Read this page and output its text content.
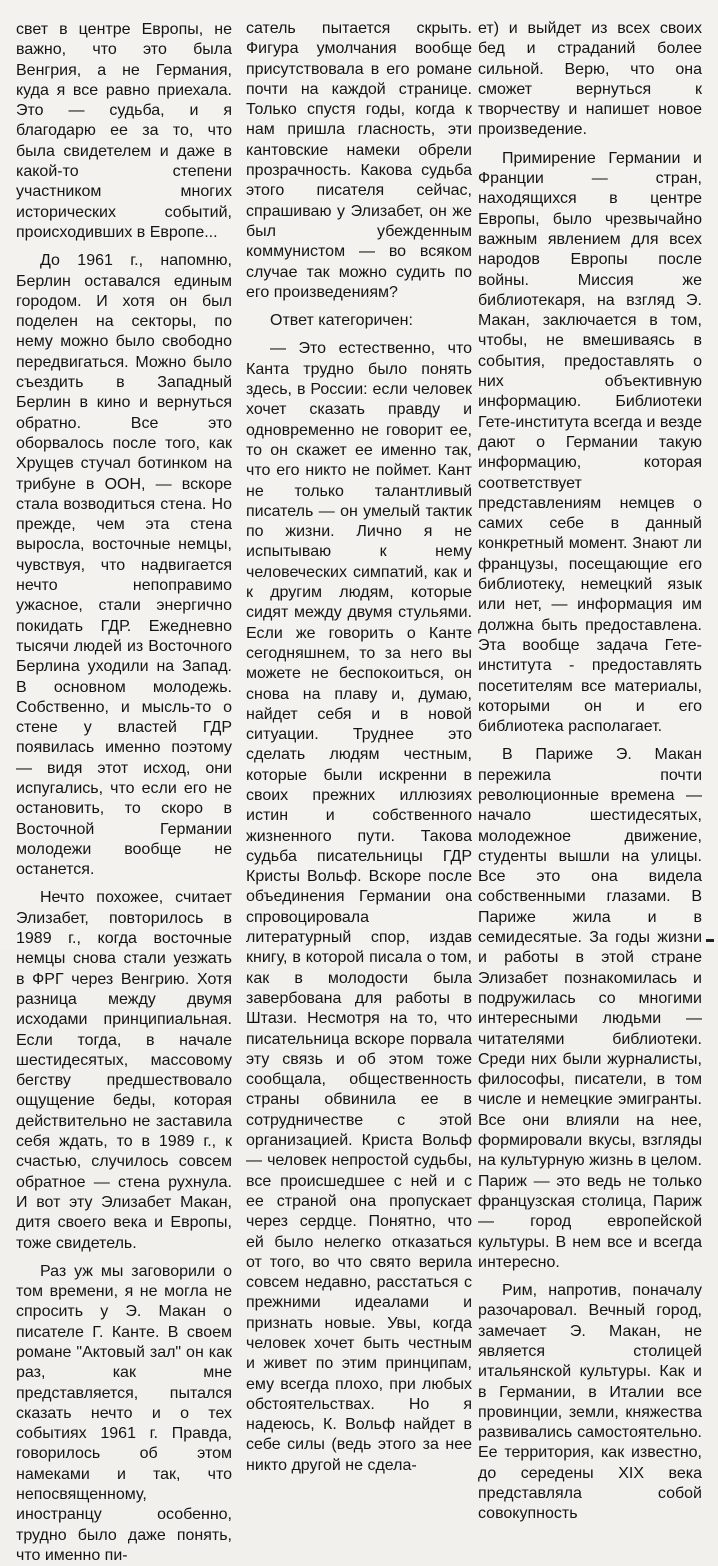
свет в центре Европы, не важно, что это была Венгрия, а не Германия, куда я все равно приехала. Это — судьба, и я благодарю ее за то, что была свидетелем и даже в какой-то степени участником многих исторических событий, происходивших в Европе...

До 1961 г., напомню, Берлин оставался единым городом. И хотя он был поделен на секторы, по нему можно было свободно передвигаться. Можно было съездить в Западный Берлин в кино и вернуться обратно. Все это оборвалось после того, как Хрущев стучал ботинком на трибуне в ООН, — вскоре стала возводиться стена. Но прежде, чем эта стена выросла, восточные немцы, чувствуя, что надвигается нечто непоправимо ужасное, стали энергично покидать ГДР. Ежедневно тысячи людей из Восточного Берлина уходили на Запад. В основном молодежь. Собственно, и мысль-то о стене у властей ГДР появилась именно поэтому — видя этот исход, они испугались, что если его не остановить, то скоро в Восточной Германии молодежи вообще не останется.

Нечто похожее, считает Элизабет, повторилось в 1989 г., когда восточные немцы снова стали уезжать в ФРГ через Венгрию. Хотя разница между двумя исходами принципиальная. Если тогда, в начале шестидесятых, массовому бегству предшествовало ощущение беды, которая действительно не заставила себя ждать, то в 1989 г., к счастью, случилось совсем обратное — стена рухнула. И вот эту Элизабет Макан, дитя своего века и Европы, тоже свидетель.

Раз уж мы заговорили о том времени, я не могла не спросить у Э. Макан о писателе Г. Канте. В своем романе "Актовый зал" он как раз, как мне представляется, пытался сказать нечто и о тех событиях 1961 г. Правда, говорилось об этом намеками и так, что непосвященному, иностранцу особенно, трудно было даже понять, что именно пи-

сатель пытается скрыть. Фигура умолчания вообще присутствовала в его романе почти на каждой странице. Только спустя годы, когда к нам пришла гласность, эти кантовские намеки обрели прозрачность. Какова судьба этого писателя сейчас, спрашиваю у Элизабет, он же был убежденным коммунистом — во всяком случае так можно судить по его произведениям?

Ответ категоричен:

— Это естественно, что Канта трудно было понять здесь, в России: если человек хочет сказать правду и одновременно не говорит ее, то он скажет ее именно так, что его никто не поймет. Кант не только талантливый писатель — он умелый тактик по жизни. Лично я не испытываю к нему человеческих симпатий, как и к другим людям, которые сидят между двумя стульями. Если же говорить о Канте сегодняшнем, то за него вы можете не беспокоиться, он снова на плаву и, думаю, найдет себя и в новой ситуации. Труднее это сделать людям честным, которые были искренни в своих прежних иллюзиях истин и собственного жизненного пути. Такова судьба писательницы ГДР Кристы Вольф. Вскоре после объединения Германии она спровоцировала литературный спор, издав книгу, в которой писала о том, как в молодости была завербована для работы в Штази. Несмотря на то, что писательница вскоре порвала эту связь и об этом тоже сообщала, общественность страны обвинила ее в сотрудничестве с этой организацией. Криста Вольф — человек непростой судьбы, все происшедшее с ней и с ее страной она пропускает через сердце. Понятно, что ей было нелегко отказаться от того, во что свято верила совсем недавно, расстаться с прежними идеалами и признать новые. Увы, когда человек хочет быть честным и живет по этим принципам, ему всегда плохо, при любых обстоятельствах. Но я надеюсь, К. Вольф найдет в себе силы (ведь этого за нее никто другой не сдела-

ет) и выйдет из всех своих бед и страданий более сильной. Верю, что она сможет вернуться к творчеству и напишет новое произведение.

Примирение Германии и Франции — стран, находящихся в центре Европы, было чрезвычайно важным явлением для всех народов Европы после войны. Миссия же библиотекаря, на взгляд Э. Макан, заключается в том, чтобы, не вмешиваясь в события, предоставлять о них объективную информацию. Библиотеки Гете-института всегда и везде дают о Германии такую информацию, которая соответствует представлениям немцев о самих себе в данный конкретный момент. Знают ли французы, посещающие его библиотеку, немецкий язык или нет, — информация им должна быть предоставлена. Эта вообще задача Гете-института - предоставлять посетителям все материалы, которыми он и его библиотека располагает.

В Париже Э. Макан пережила почти революционные времена — начало шестидесятых, молодежное движение, студенты вышли на улицы. Все это она видела собственными глазами. В Париже жила и в семидесятые. За годы жизни и работы в этой стране Элизабет познакомилась и подружилась со многими интересными людьми — читателями библиотеки. Среди них были журналисты, философы, писатели, в том числе и немецкие эмигранты. Все они влияли на нее, формировали вкусы, взгляды на культурную жизнь в целом. Париж — это ведь не только французская столица, Париж — город европейской культуры. В нем все и всегда интересно.

Рим, напротив, поначалу разочаровал. Вечный город, замечает Э. Макан, не является столицей итальянской культуры. Как и в Германии, в Италии все провинции, земли, княжества развивались самостоятельно. Ее территория, как известно, до середены XIX века представляла собой совокупность
